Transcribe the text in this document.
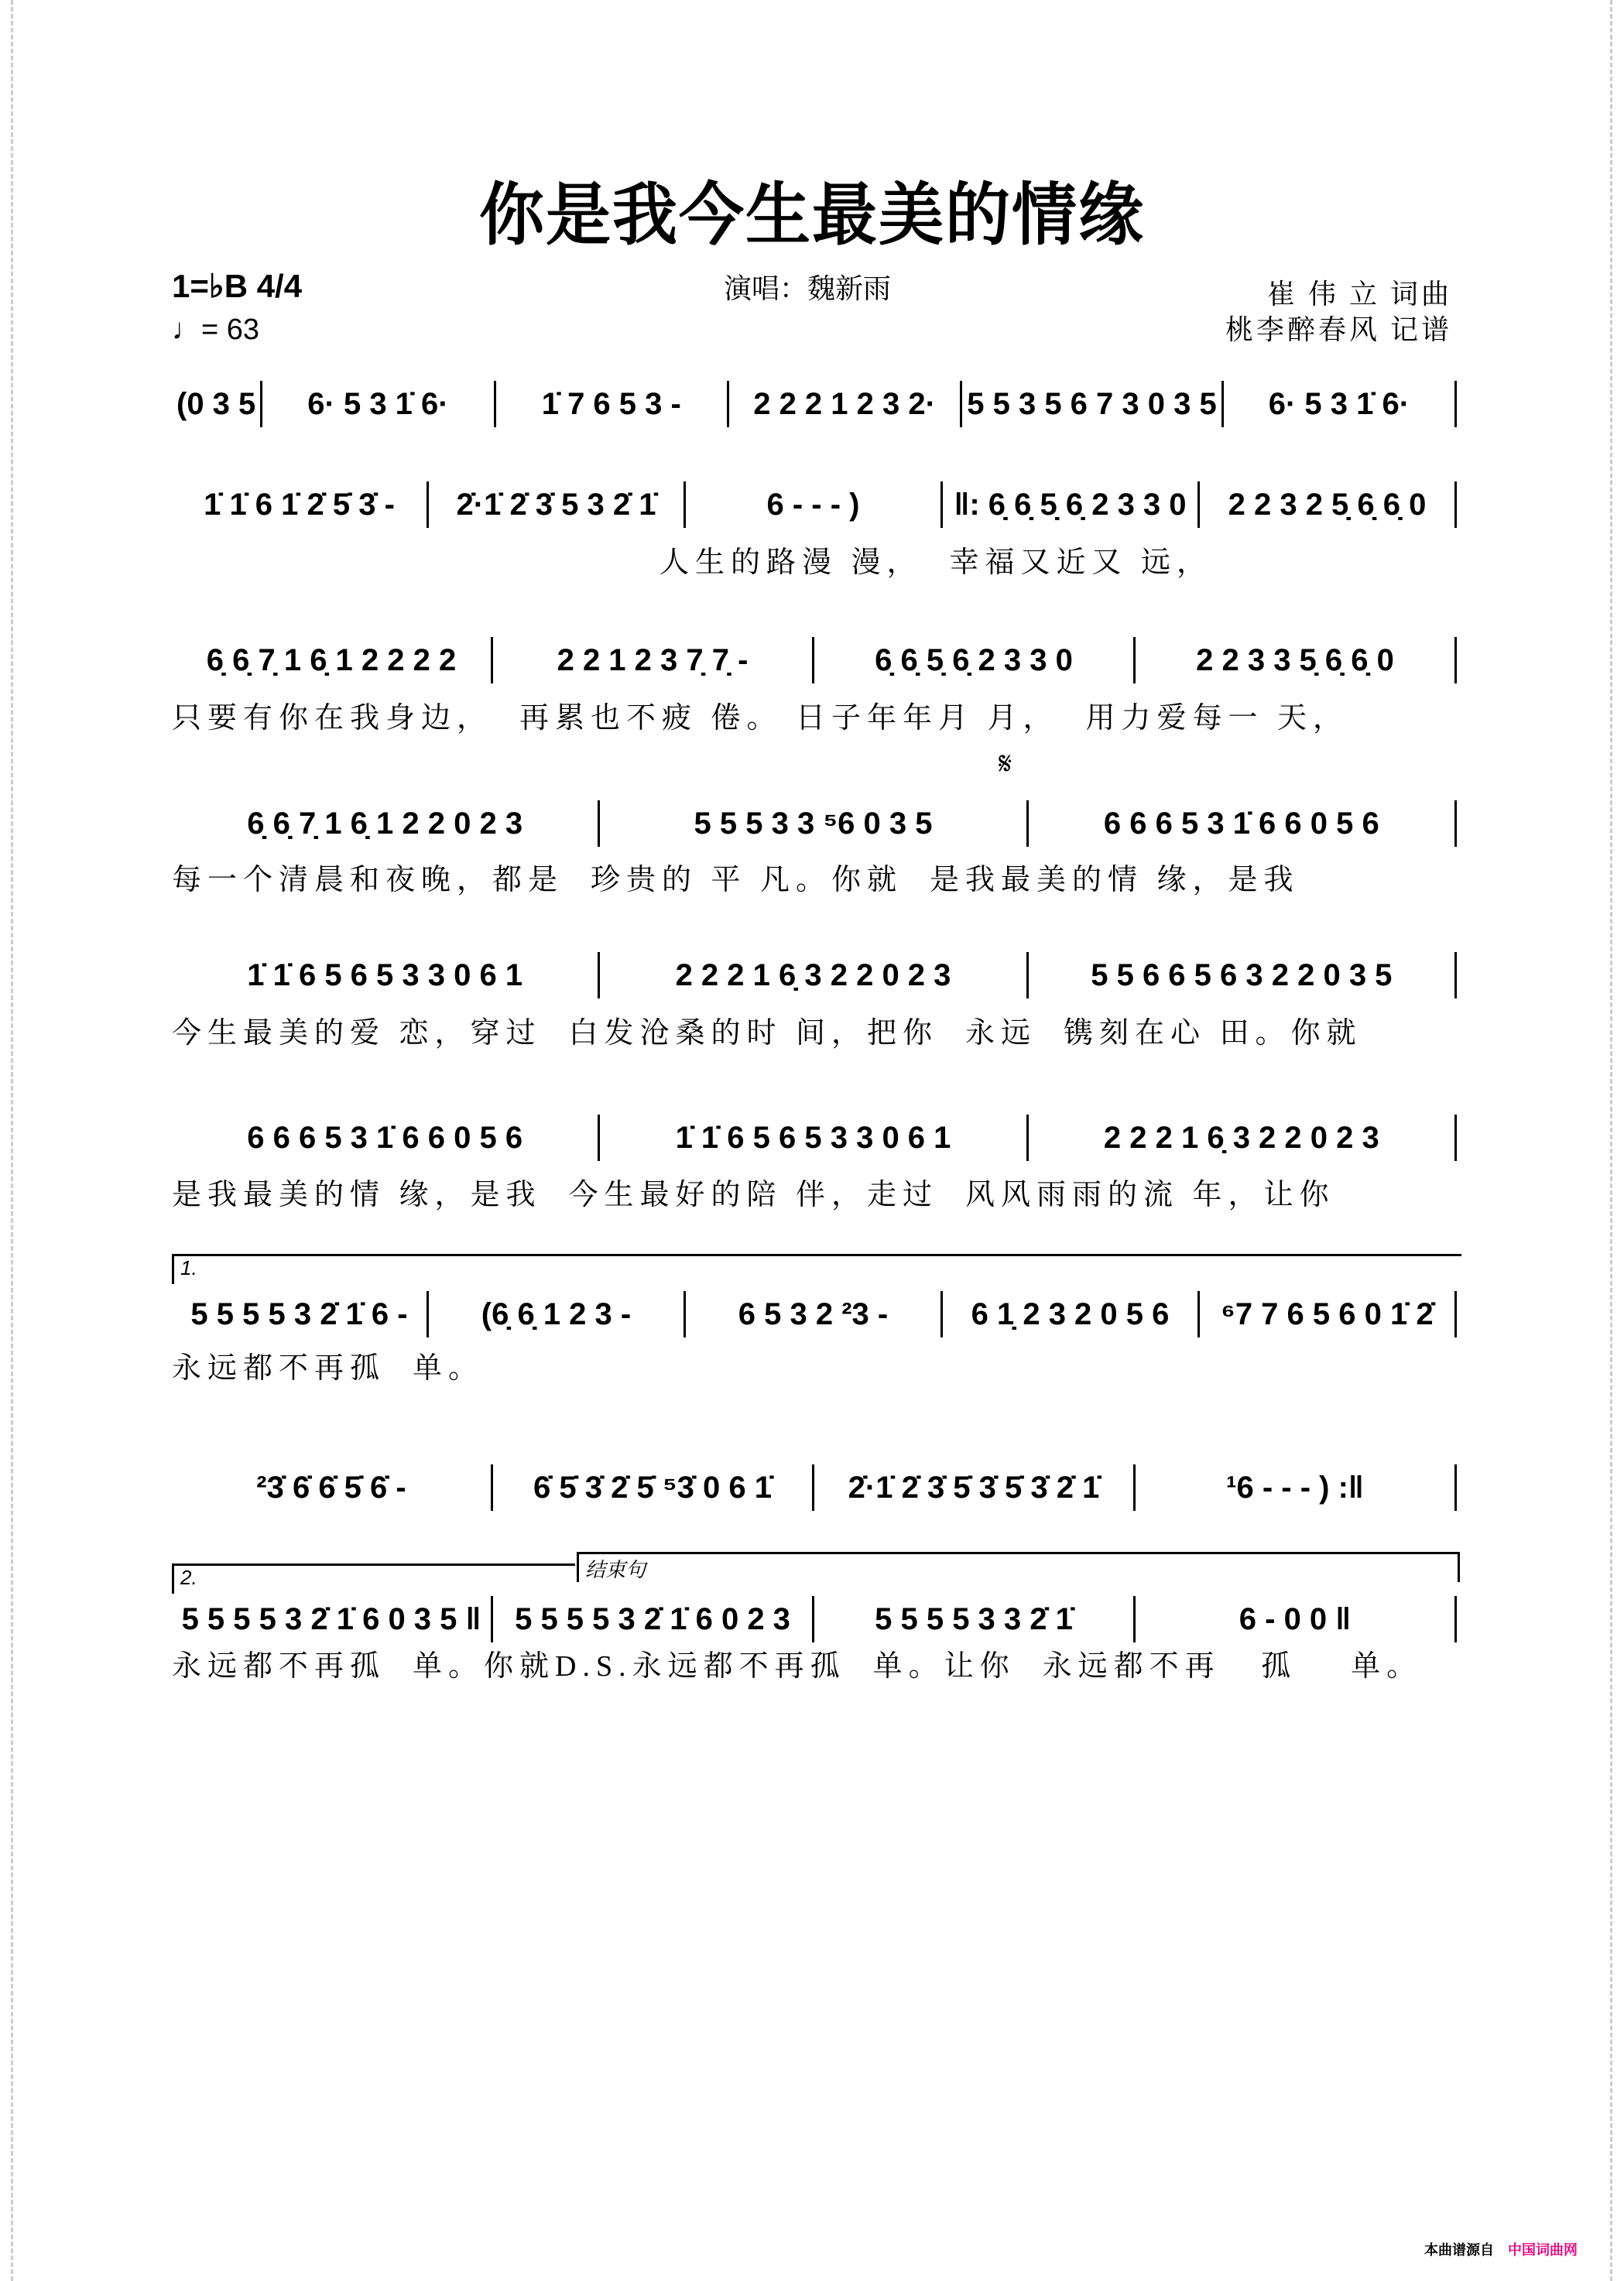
你是我今生最美的情缘
1=♭B 4/4
♩= 63
演唱：魏新雨	崔 伟 立 词曲
桃李醉春风 记谱
𝄋
1.
2.	结束句
(0 3 5	6· 5 3 1̇ 6·	1̇ 7 6 5 3 -	2 2 2 1 2 3 2·	5 5 3 5 6 7 3 0 3 5	6· 5 3 1̇ 6·
1̇ 1̇ 6 1̇ 2̇ 5̇ 3̇ -	2̇·1̇ 2̇ 3̇ 5 3 2̇ 1̇	6 - - - )	‖: 6̣ 6̣ 5̣ 6̣ 2 3 3 0	2 2 3 2 5̣ 6̣ 6̣ 0
人生的路漫 漫，  幸福又近又 远，
6̣ 6̣ 7̣ 1 6̣ 1 2 2 2 2	2 2 1 2 3 7̣ 7̣ -	6̣ 6̣ 5̣ 6̣ 2 3 3 0	2 2 3 3 5̣ 6̣ 6̣ 0
只要有你在我身边，  再累也不疲 倦。 日子年年月 月，  用力爱每一 天，
6̣ 6̣ 7̣ 1 6̣ 1 2 2 0 2 3	5 5 5 3 3 ⁵6 0 3 5	6 6 6 5 3 1̇ 6 6 0 5 6
每一个清晨和夜晚，都是  珍贵的 平 凡。你就  是我最美的情 缘，是我
1̇ 1̇ 6 5 6 5 3 3 0 6 1	2 2 2 1 6̣ 3 2 2 0 2 3	5 5 6 6 5 6 3 2 2 0 3 5
今生最美的爱 恋，穿过  白发沧桑的时 间，把你  永远  镌刻在心 田。你就
6 6 6 5 3 1̇ 6 6 0 5 6	1̇ 1̇ 6 5 6 5 3 3 0 6 1	2 2 2 1 6̣ 3 2 2 0 2 3
是我最美的情 缘，是我  今生最好的陪 伴，走过  风风雨雨的流 年，让你
5 5 5 5 3 2̇ 1̇ 6 -	(6̣ 6̣ 1 2 3 -	6 5 3 2 ²3 -	6 1̣ 2 3 2 0 5 6	⁶7 7 6 5 6 0 1̇ 2̇
永远都不再孤  单。
²3̇ 6̇ 6̇ 5̇ 6̇ -	6̇ 5̇ 3̇ 2̇ 5̇ ⁵3̇ 0 6 1̇	2̇·1̇ 2̇ 3̇ 5̇ 3̇ 5̇ 3̇ 2̇ 1̇	¹6 - - - ) :‖
5 5 5 5 3 2̇ 1̇ 6 0 3 5 ‖	5 5 5 5 3 2̇ 1̇ 6 0 2 3	5 5 5 5 3 3 2̇ 1̇	6 - 0 0 ‖
永远都不再孤  单。你就D.S.永远都不再孤  单。让你  永远都不再   孤    单。
本曲谱源自 中国词曲网
